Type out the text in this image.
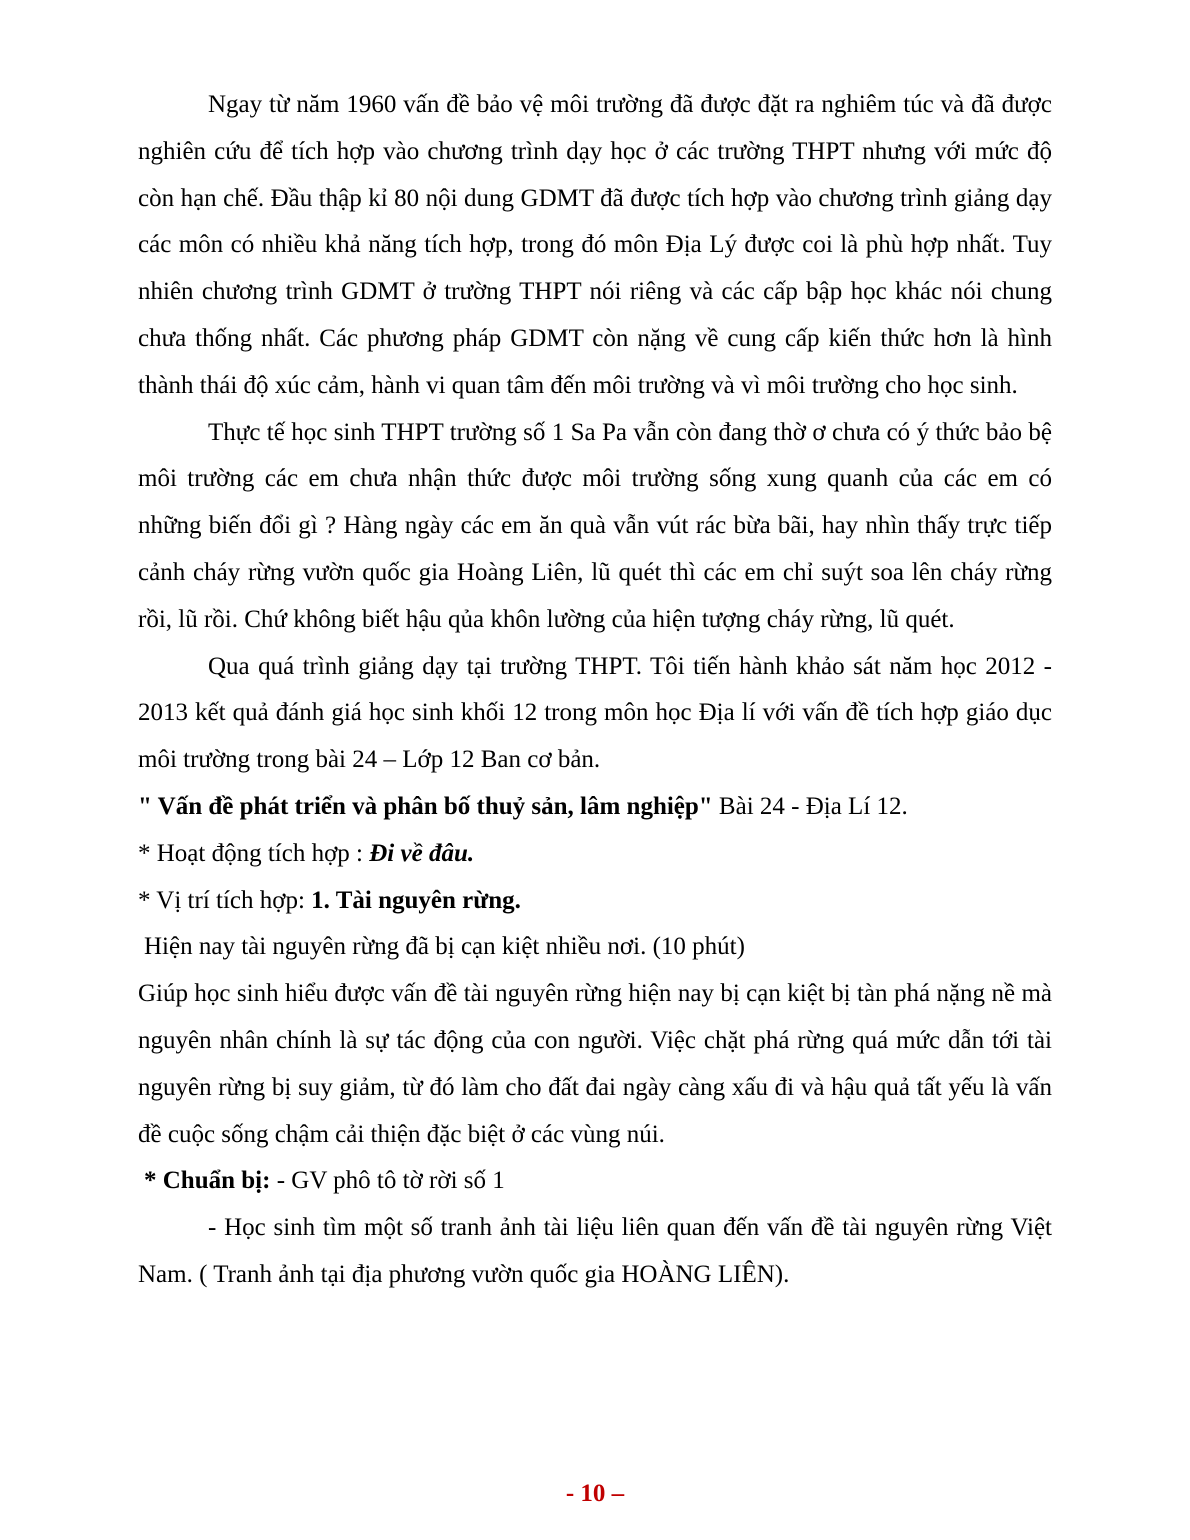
Ngay từ năm 1960 vấn đề bảo vệ môi trường đã được đặt ra nghiêm túc và đã được nghiên cứu để tích hợp vào chương trình dạy học ở các trường THPT nhưng với mức độ còn hạn chế. Đầu thập kỉ 80 nội dung GDMT đã được tích hợp vào chương trình giảng dạy các môn có nhiều khả năng tích hợp, trong đó môn Địa Lý được coi là phù hợp nhất. Tuy nhiên chương trình GDMT ở trường THPT nói riêng và các cấp bập học khác nói chung chưa thống nhất. Các phương pháp GDMT còn nặng về cung cấp kiến thức hơn là hình thành thái độ xúc cảm, hành vi quan tâm đến môi trường và vì môi trường cho học sinh.

Thực tế học sinh THPT trường số 1 Sa Pa vẫn còn đang thờ ơ chưa có ý thức bảo bệ môi trường các em chưa nhận thức được môi trường sống xung quanh của các em có những biến đổi gì ? Hàng ngày các em ăn quà vẫn vút rác bừa bãi, hay nhìn thấy trực tiếp cảnh cháy rừng vườn quốc gia Hoàng Liên, lũ quét thì các em chỉ suýt soa lên cháy rừng rồi, lũ rồi. Chứ không biết hậu qủa khôn lường của hiện tượng cháy rừng, lũ quét.

Qua quá trình giảng dạy tại trường THPT. Tôi tiến hành khảo sát năm học 2012 - 2013 kết quả đánh giá học sinh khối 12 trong môn học Địa lí với vấn đề tích hợp giáo dục môi trường trong bài 24 – Lớp 12 Ban cơ bản.

" Vấn đề phát triển và phân bố thuỷ sản, lâm nghiệp" Bài 24 - Địa Lí 12.

* Hoạt động tích hợp : Đi về đâu.

* Vị trí tích hợp: 1. Tài nguyên rừng.

Hiện nay tài nguyên rừng đã bị cạn kiệt nhiều nơi. (10 phút)

Giúp học sinh hiểu được vấn đề tài nguyên rừng hiện nay bị cạn kiệt bị tàn phá nặng nề mà nguyên nhân chính là sự tác động của con người. Việc chặt phá rừng quá mức dẫn tới tài nguyên rừng bị suy giảm, từ đó làm cho đất đai ngày càng xấu đi và hậu quả tất yếu là vấn đề cuộc sống chậm cải thiện đặc biệt ở các vùng núi.

* Chuẩn bị: - GV phô tô tờ rời số 1

- Học sinh tìm một số tranh ảnh tài liệu liên quan đến vấn đề tài nguyên rừng Việt Nam. ( Tranh ảnh tại địa phương vườn quốc gia HOÀNG LIÊN).

- 10 –
